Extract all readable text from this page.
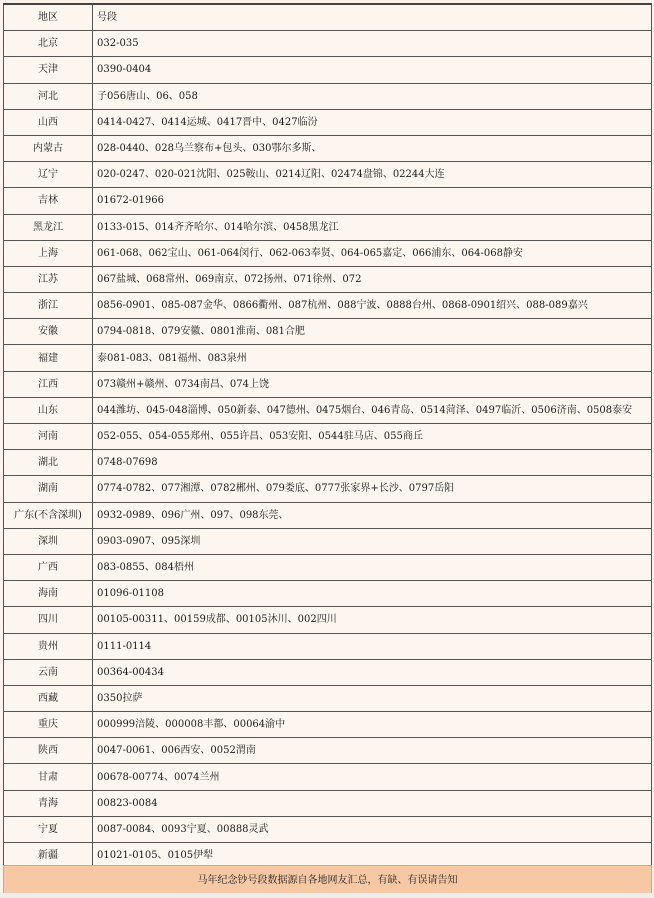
地区	号段
北京	032-035
天津	0390-0404
河北	子056唐山、06、058
山西	0414-0427、0414运城、0417晋中、0427临汾
内蒙古	028-0440、028乌兰察布+包头、030鄂尔多斯、
辽宁	020-0247、020-021沈阳、025鞍山、0214辽阳、02474盘锦、02244大连
吉林	01672-01966
黑龙江	0133-015、014齐齐哈尔、014哈尔滨、0458黑龙江
上海	061-068、062宝山、061-064闵行、062-063奉贤、064-065嘉定、066浦东、064-068静安
江苏	067盐城、068常州、069南京、072扬州、071徐州、072
浙江	0856-0901、085-087金华、0866衢州、087杭州、088宁波、0888台州、0868-0901绍兴、088-089嘉兴
安徽	0794-0818、079安徽、0801淮南、081合肥
福建	泰081-083、081福州、083泉州
江西	073赣州+赣州、0734南昌、074上饶
山东	044潍坊、045-048淄博、050新泰、047德州、0475烟台、046青岛、0514菏泽、0497临沂、0506济南、0508泰安
河南	052-055、054-055郑州、055许昌、053安阳、0544驻马店、055商丘
湖北	0748-07698
湖南	0774-0782、077湘潭、0782郴州、079娄底、0777张家界+长沙、0797岳阳
广东(不含深圳)	0932-0989、096广州、097、098东莞、
深圳	0903-0907、095深圳
广西	083-0855、084梧州
海南	01096-01108
四川	00105-00311、00159成都、00105沐川、002四川
贵州	0111-0114
云南	00364-00434
西藏	0350拉萨
重庆	000999涪陵、000008丰都、00064渝中
陕西	0047-0061、006西安、0052渭南
甘肃	00678-00774、0074兰州
青海	00823-0084
宁夏	0087-0084、0093宁夏、00888灵武
新疆	01021-0105、0105伊犁
马年纪念钞号段数据源自各地网友汇总，有缺、有误请告知
